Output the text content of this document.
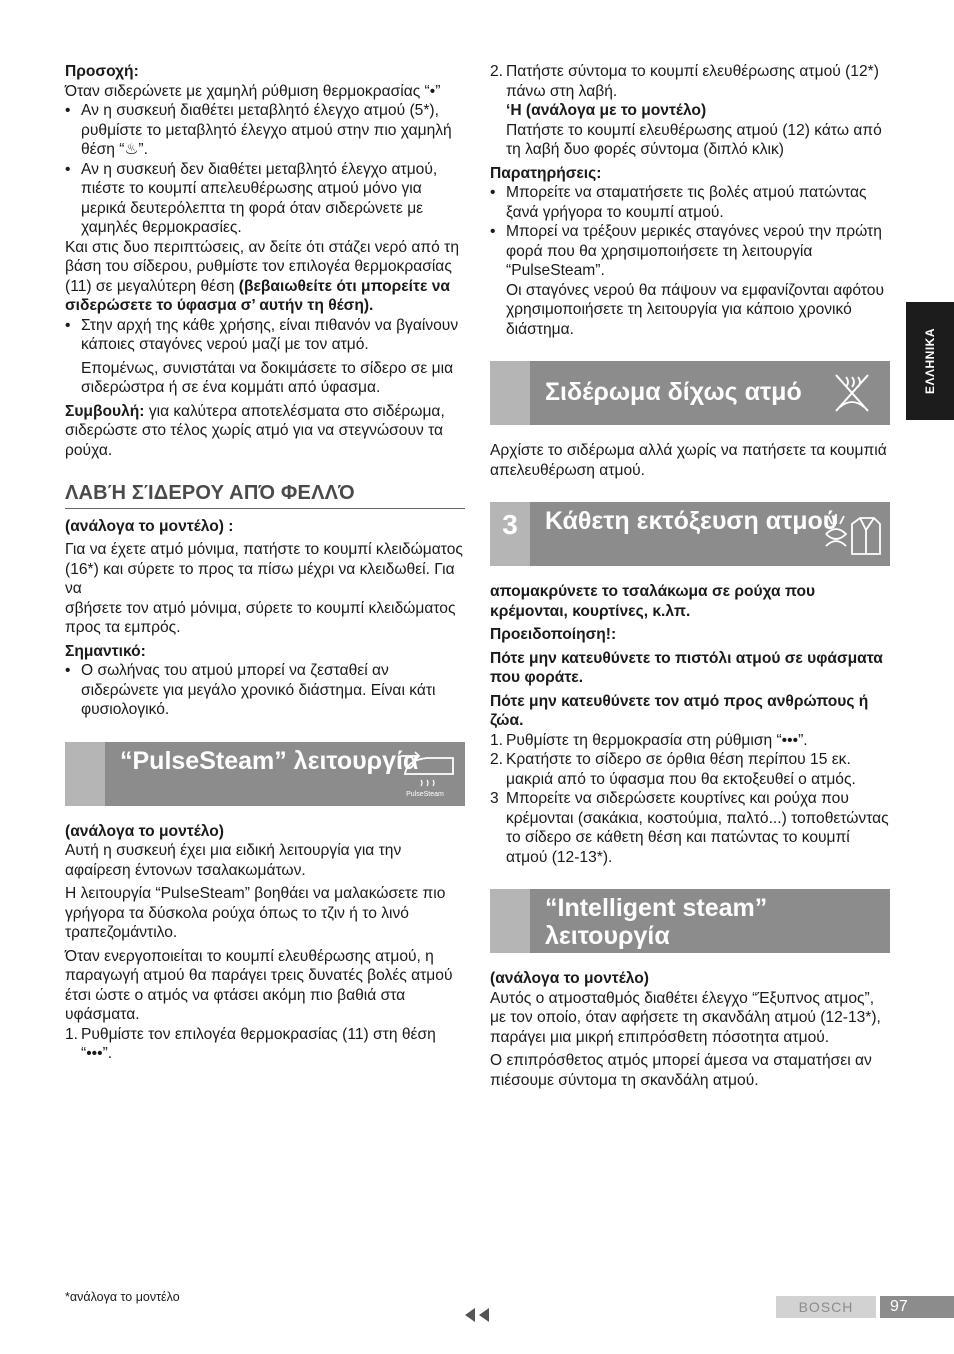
Προσοχή:

Όταν σιδερώνετε με χαμηλή ρύθμιση θερμοκρασίας “•”

• Αν η συσκευή διαθέτει μεταβλητό έλεγχο ατμού (5*), ρυθμίστε το μεταβλητό έλεγχο ατμού στην πιο χαμηλή θέση “♨”.

• Αν η συσκευή δεν διαθέτει μεταβλητό έλεγχο ατμού, πιέστε το κουμπί απελευθέρωσης ατμού μόνο για μερικά δευτερόλεπτα τη φορά όταν σιδερώνετε με χαμηλές θερμοκρασίες.

Και στις δυο περιπτώσεις, αν δείτε ότι στάζει νερό από τη βάση του σίδερου, ρυθμίστε τον επιλογέα θερμοκρασίας (11) σε μεγαλύτερη θέση (βεβαιωθείτε ότι μπορείτε να σιδερώσετε το ύφασμα σ’ αυτήν τη θέση).

• Στην αρχή της κάθε χρήσης, είναι πιθανόν να βγαίνουν κάποιες σταγόνες νερού μαζί με τον ατμό.

Επομένως, συνιστάται να δοκιμάσετε το σίδερο σε μια σιδερώστρα ή σε ένα κομμάτι από ύφασμα.

Συμβουλή: για καλύτερα αποτελέσματα στο σιδέρωμα, σιδερώστε στο τέλος χωρίς ατμό για να στεγνώσουν τα ρούχα.

ΛΑΒΉ ΣΊΔΕΡΟΥ ΑΠΌ ΦΕΛΛΌ

(ανάλογα το μοντέλο) :

Για να έχετε ατμό μόνιμα, πατήστε το κουμπί κλειδώματος (16*) και σύρετε το προς τα πίσω μέχρι να κλειδωθεί. Για να

σβήσετε τον ατμό μόνιμα, σύρετε το κουμπί κλειδώματος προς τα εμπρός.

Σημαντικό:

• Ο σωλήνας του ατμού μπορεί να ζεσταθεί αν σιδερώνετε για μεγάλο χρονικό διάστημα. Είναι κάτι φυσιολογικό.

“PulseSteam” λειτουργία
PulseSteam

(ανάλογα το μοντέλο)

Αυτή η συσκευή έχει μια ειδική λειτουργία για την αφαίρεση έντονων τσαλακωμάτων.

Η λειτουργία “PulseSteam” βοηθάει να μαλακώσετε πιο γρήγορα τα δύσκολα ρούχα όπως το τζιν ή το λινό τραπεζομάντιλο.

Όταν ενεργοποιείται το κουμπί ελευθέρωσης ατμού, η παραγωγή ατμού θα παράγει τρεις δυνατές βολές ατμού έτσι ώστε ο ατμός να φτάσει ακόμη πιο βαθιά στα υφάσματα.

1. Ρυθμίστε τον επιλογέα θερμοκρασίας (11) στη θέση “•••”.

2. Πατήστε σύντομα το κουμπί ελευθέρωσης ατμού (12*) πάνω στη λαβή.

‘Η (ανάλογα με το μοντέλο)

Πατήστε το κουμπί ελευθέρωσης ατμού (12) κάτω από τη λαβή δυο φορές σύντομα (διπλό κλικ)

Παρατηρήσεις:

• Μπορείτε να σταματήσετε τις βολές ατμού πατώντας ξανά γρήγορα το κουμπί ατμού.

• Μπορεί να τρέξουν μερικές σταγόνες νερού την πρώτη φορά που θα χρησιμοποιήσετε τη λειτουργία “PulseSteam”.

Οι σταγόνες νερού θα πάψουν να εμφανίζονται αφότου χρησιμοποιήσετε τη λειτουργία για κάποιο χρονικό διάστημα.

Σιδέρωμα δίχως ατμό

Αρχίστε το σιδέρωμα αλλά χωρίς να πατήσετε τα κουμπιά απελευθέρωση ατμού.

3	Κάθετη εκτόξευση ατμού

απομακρύνετε το τσαλάκωμα σε ρούχα που κρέμονται, κουρτίνες, κ.λπ.

Προειδοποίηση!:

Πότε μην κατευθύνετε το πιστόλι ατμού σε υφάσματα που φοράτε.

Πότε μην κατευθύνετε τον ατμό προς ανθρώπους ή ζώα.

1. Ρυθμίστε τη θερμοκρασία στη ρύθμιση “•••”.

2. Κρατήστε το σίδερο σε όρθια θέση περίπου 15 εκ. μακριά από το ύφασμα που θα εκτοξευθεί ο ατμός.

3 Μπορείτε να σιδερώσετε κουρτίνες και ρούχα που κρέμονται (σακάκια, κοστούμια, παλτό...) τοποθετώντας το σίδερο σε κάθετη θέση και πατώντας το κουμπί ατμού (12-13*).

“Intelligent steam” λειτουργία

(ανάλογα το μοντέλο)

Αυτός ο ατμοσταθμός διαθέτει έλεγχο “Έξυπνος ατμος”, με τον οποίο, όταν αφήσετε τη σκανδάλη ατμού (12-13*), παράγει μια μικρή επιπρόσθετη πόσοτητα ατμού.

Ο επιπρόσθετος ατμός μπορεί άμεσα να σταματήσει αν πιέσουμε σύντομα τη σκανδάλη ατμού.

ΕΛΛΗΝΙΚΑ
*ανάλογα το μοντέλο
BOSCH	97
